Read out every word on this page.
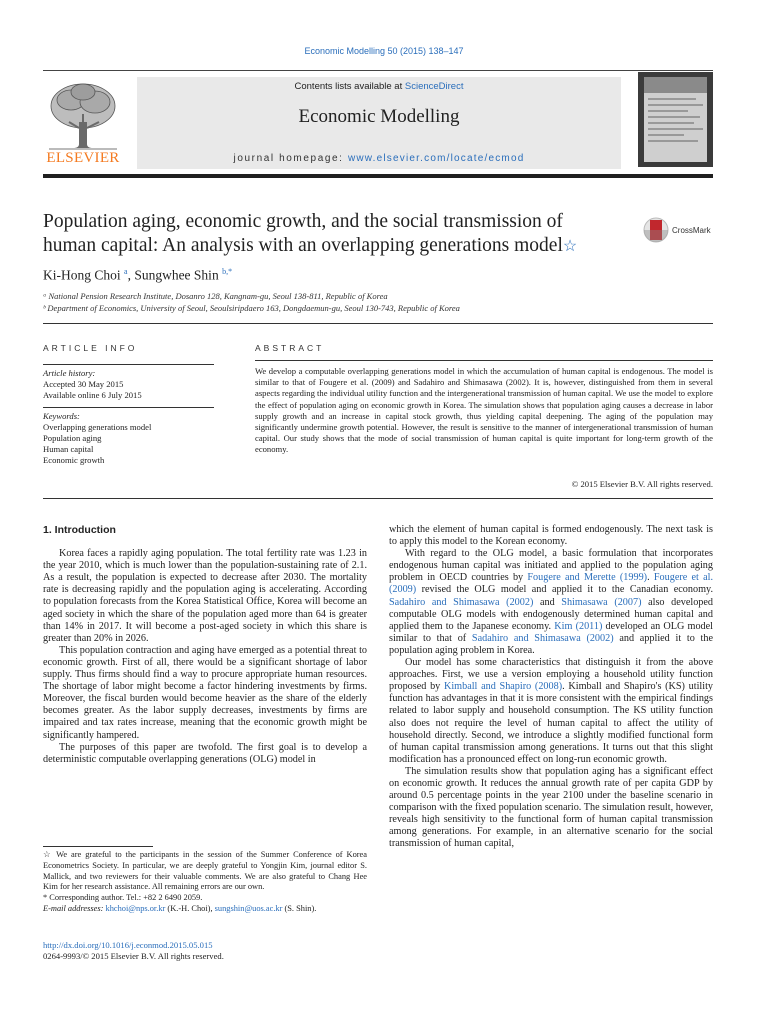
Economic Modelling 50 (2015) 138–147
Contents lists available at ScienceDirect
Economic Modelling
journal homepage: www.elsevier.com/locate/ecmod
ELSEVIER
Population aging, economic growth, and the social transmission of
human capital: An analysis with an overlapping generations model☆
CrossMark
Ki-Hong Choi $^a$, Sungwhee Shin $^{b,*}$
ᵃ National Pension Research Institute, Dosanro 128, Kangnam-gu, Seoul 138-811, Republic of Korea
ᵇ Department of Economics, University of Seoul, Seoulsiripdaero 163, Dongdaemun-gu, Seoul 130-743, Republic of Korea
ARTICLE INFO
Article history:
Accepted 30 May 2015
Available online 6 July 2015
Keywords:
Overlapping generations model
Population aging
Human capital
Economic growth
ABSTRACT
We develop a computable overlapping generations model in which the accumulation of human capital is endogenous. The model is similar to that of Fougere et al. (2009) and Sadahiro and Shimasawa (2002). It is, however, distinguished from them in several aspects regarding the individual utility function and the intergenerational transmission of human capital. We use the model to explore the effect of population aging on economic growth in Korea. The simulation shows that population aging causes a decrease in labor supply growth and an increase in capital stock growth, thus yielding capital deepening. The aging of the population may significantly undermine growth potential. However, the result is sensitive to the manner of intergenerational transmission of human capital. Our study shows that the mode of social transmission of human capital is quite important for long-term growth of the economy.
© 2015 Elsevier B.V. All rights reserved.

1. Introduction

Korea faces a rapidly aging population. The total fertility rate was 1.23 in the year 2010, which is much lower than the population-sustaining rate of 2.1. As a result, the population is expected to decrease after 2030. The mortality rate is decreasing rapidly and the population aging is accelerating. According to population forecasts from the Korea Statistical Office, Korea will become an aged society in which the share of the population aged more than 64 is greater than 14% in 2017. It will become a post-aged society in which this share is greater than 20% in 2026.

This population contraction and aging have emerged as a potential threat to economic growth. First of all, there would be a significant shortage of labor supply. Thus firms should find a way to procure appropriate human resources. The shortage of labor might become a factor hindering investments by firms. Moreover, the fiscal burden would become heavier as the share of the elderly becomes greater. As the labor supply decreases, investments by firms are impaired and tax rates increase, meaning that the economic growth might be significantly hampered.

The purposes of this paper are twofold. The first goal is to develop a deterministic computable overlapping generations (OLG) model in

which the element of human capital is formed endogenously. The next task is to apply this model to the Korean economy.

With regard to the OLG model, a basic formulation that incorporates endogenous human capital was initiated and applied to the population aging problem in OECD countries by Fougere and Merette (1999). Fougere et al. (2009) revised the OLG model and applied it to the Canadian economy. Sadahiro and Shimasawa (2002) and Shimasawa (2007) also developed computable OLG models with endogenously determined human capital and applied them to the Japanese economy. Kim (2011) developed an OLG model similar to that of Sadahiro and Shimasawa (2002) and applied it to the population aging problem in Korea.

Our model has some characteristics that distinguish it from the above approaches. First, we use a version employing a household utility function proposed by Kimball and Shapiro (2008). Kimball and Shapiro's (KS) utility function has advantages in that it is more consistent with the empirical findings related to labor supply and household consumption. The KS utility function also does not require the level of human capital to affect the utility of household directly. Second, we introduce a slightly modified functional form of human capital transmission among generations. It turns out that this slight modification has a pronounced effect on long-run economic growth.

The simulation results show that population aging has a significant effect on economic growth. It reduces the annual growth rate of per capita GDP by around 0.5 percentage points in the year 2100 under the baseline scenario in comparison with the fixed population scenario. The simulation result, however, reveals high sensitivity to the functional form of human capital transmission among generations. For example, in an alternative scenario for the social transmission of human capital,

☆ We are grateful to the participants in the session of the Summer Conference of Korea Econometrics Society. In particular, we are deeply grateful to Yongjin Kim, journal editor S. Mallick, and two reviewers for their valuable comments. We are also grateful to Chang Hee Kim for her research assistance. All remaining errors are our own.

* Corresponding author. Tel.: +82 2 6490 2059.

E-mail addresses: khchoi@nps.or.kr (K.-H. Choi), sungshin@uos.ac.kr (S. Shin).

http://dx.doi.org/10.1016/j.econmod.2015.05.015
0264-9993/© 2015 Elsevier B.V. All rights reserved.
